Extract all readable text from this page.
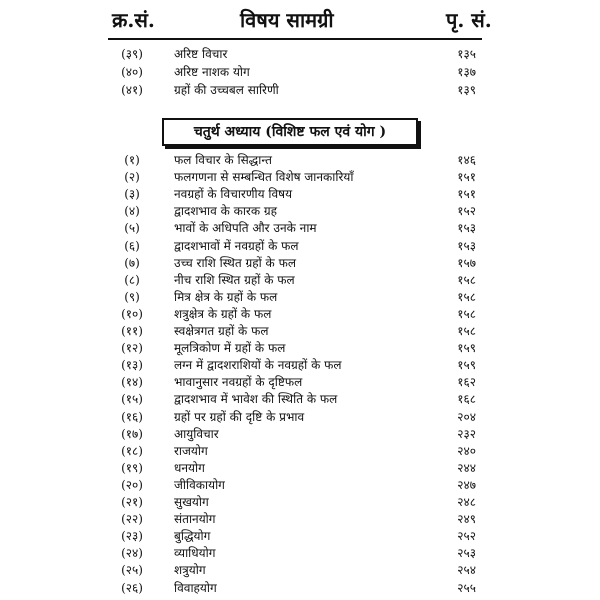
क्र.सं.	विषय सामग्री	पृ. सं.
(३९)	अरिष्ट विचार	१३५
(४०)	अरिष्ट नाशक योग	१३७
(४१)	ग्रहों की उच्चबल सारिणी	१३९
चतुर्थ अध्याय (विशिष्ट फल एवं योग )
(१)	फल विचार के सिद्धान्त	१४६
(२)	फलगणना से सम्बन्धित विशेष जानकारियाँ	१५१
(३)	नवग्रहों के विचारणीय विषय	१५१
(४)	द्वादशभाव के कारक ग्रह	१५२
(५)	भावों के अधिपति और उनके नाम	१५३
(६)	द्वादशभावों में नवग्रहों के फल	१५३
(७)	उच्च राशि स्थित ग्रहों के फल	१५७
(८)	नीच राशि स्थित ग्रहों के फल	१५८
(९)	मित्र क्षेत्र के ग्रहों के फल	१५८
(१०)	शत्रुक्षेत्र के ग्रहों के फल	१५८
(११)	स्वक्षेत्रगत ग्रहों के फल	१५८
(१२)	मूलत्रिकोण में ग्रहों के फल	१५९
(१३)	लग्न में द्वादशराशियों के नवग्रहों के फल	१५९
(१४)	भावानुसार नवग्रहों के दृष्टिफल	१६२
(१५)	द्वादशभाव में भावेश की स्थिति के फल	१६८
(१६)	ग्रहों पर ग्रहों की दृष्टि के प्रभाव	२०४
(१७)	आयुविचार	२३२
(१८)	राजयोग	२४०
(१९)	धनयोग	२४४
(२०)	जीविकायोग	२४७
(२१)	सुखयोग	२४८
(२२)	संतानयोग	२४९
(२३)	बुद्धियोग	२५२
(२४)	व्याधियोग	२५३
(२५)	शत्रुयोग	२५४
(२६)	विवाहयोग	२५५
